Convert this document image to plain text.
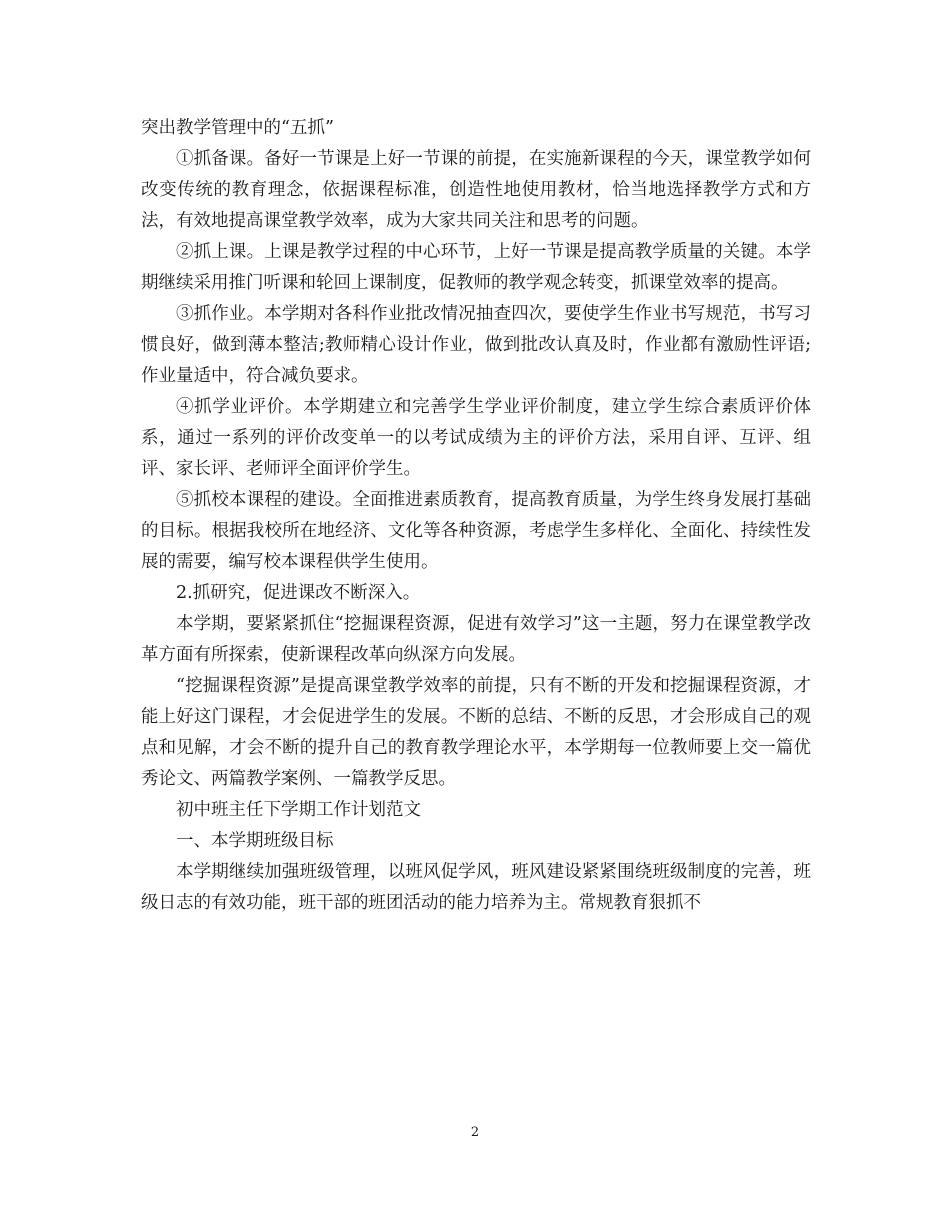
突出教学管理中的“五抓”

①抓备课。备好一节课是上好一节课的前提，在实施新课程的今天，课堂教学如何改变传统的教育理念，依据课程标准，创造性地使用教材，恰当地选择教学方式和方法，有效地提高课堂教学效率，成为大家共同关注和思考的问题。

②抓上课。上课是教学过程的中心环节，上好一节课是提高教学质量的关键。本学期继续采用推门听课和轮回上课制度，促教师的教学观念转变，抓课堂效率的提高。

③抓作业。本学期对各科作业批改情况抽查四次，要使学生作业书写规范，书写习惯良好，做到薄本整洁;教师精心设计作业，做到批改认真及时，作业都有激励性评语;作业量适中，符合减负要求。

④抓学业评价。本学期建立和完善学生学业评价制度，建立学生综合素质评价体系，通过一系列的评价改变单一的以考试成绩为主的评价方法，采用自评、互评、组评、家长评、老师评全面评价学生。

⑤抓校本课程的建设。全面推进素质教育，提高教育质量，为学生终身发展打基础的目标。根据我校所在地经济、文化等各种资源，考虑学生多样化、全面化、持续性发展的需要，编写校本课程供学生使用。

2.抓研究，促进课改不断深入。

本学期，要紧紧抓住“挖掘课程资源，促进有效学习”这一主题，努力在课堂教学改革方面有所探索，使新课程改革向纵深方向发展。

“挖掘课程资源”是提高课堂教学效率的前提，只有不断的开发和挖掘课程资源，才能上好这门课程，才会促进学生的发展。不断的总结、不断的反思，才会形成自己的观点和见解，才会不断的提升自己的教育教学理论水平，本学期每一位教师要上交一篇优秀论文、两篇教学案例、一篇教学反思。

初中班主任下学期工作计划范文

一、本学期班级目标

本学期继续加强班级管理，以班风促学风，班风建设紧紧围绕班级制度的完善，班级日志的有效功能，班干部的班团活动的能力培养为主。常规教育狠抓不

2
